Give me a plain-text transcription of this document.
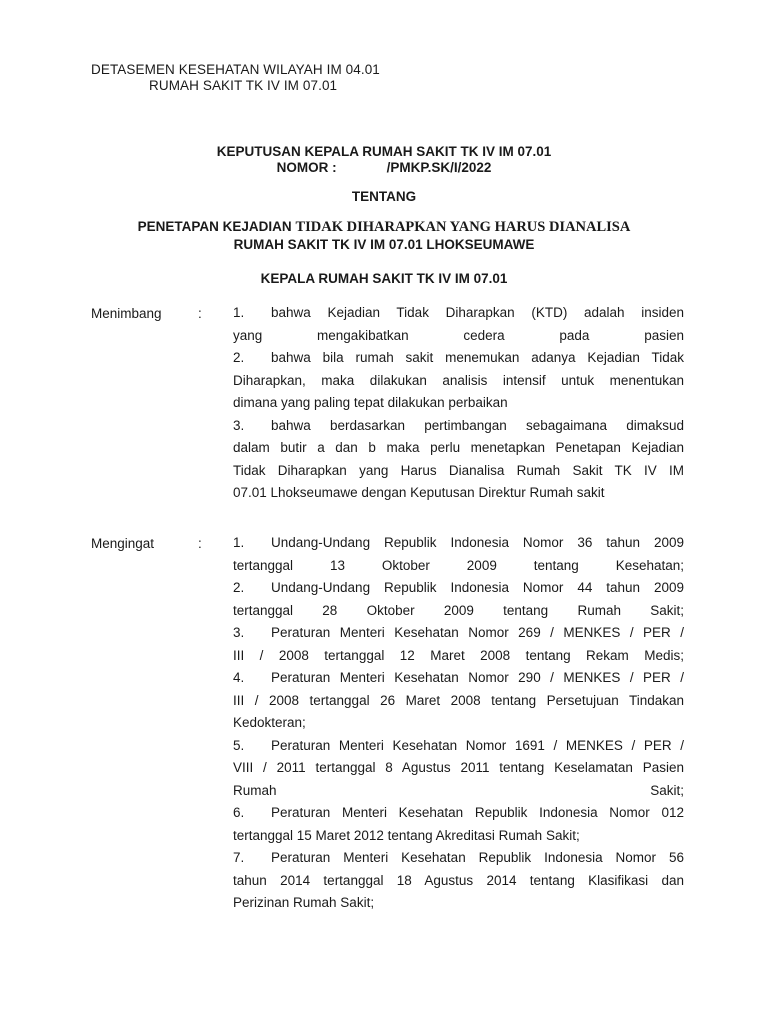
DETASEMEN KESEHATAN WILAYAH IM 04.01
RUMAH SAKIT TK IV IM 07.01
KEPUTUSAN KEPALA RUMAH SAKIT TK IV IM 07.01
NOMOR :	/PMKP.SK/I/2022
TENTANG
PENETAPAN KEJADIAN TIDAK DIHARAPKAN YANG HARUS DIANALISA
RUMAH SAKIT TK IV IM 07.01 LHOKSEUMAWE
KEPALA RUMAH SAKIT TK IV IM 07.01
Menimbang	: 1. bahwa Kejadian Tidak Diharapkan (KTD) adalah insiden

yang mengakibatkan cedera pada pasien

2. bahwa bila rumah sakit menemukan adanya Kejadian Tidak

Diharapkan, maka dilakukan analisis intensif untuk menentukan

dimana yang paling tepat dilakukan perbaikan

3. bahwa berdasarkan pertimbangan sebagaimana dimaksud

dalam butir a dan b maka perlu menetapkan Penetapan Kejadian

Tidak Diharapkan yang Harus Dianalisa Rumah Sakit TK IV IM

07.01 Lhokseumawe dengan Keputusan Direktur Rumah sakit

Mengingat	: 1. Undang-Undang Republik Indonesia Nomor 36 tahun 2009

tertanggal 13 Oktober 2009 tentang Kesehatan;

2. Undang-Undang Republik Indonesia Nomor 44 tahun 2009

tertanggal 28 Oktober 2009 tentang Rumah Sakit;

3. Peraturan Menteri Kesehatan Nomor 269 / MENKES / PER /

III / 2008 tertanggal 12 Maret 2008 tentang Rekam Medis;

4. Peraturan Menteri Kesehatan Nomor 290 / MENKES / PER /

III / 2008 tertanggal 26 Maret 2008 tentang Persetujuan Tindakan

Kedokteran;

5. Peraturan Menteri Kesehatan Nomor 1691 / MENKES / PER /

VIII / 2011 tertanggal 8 Agustus 2011 tentang Keselamatan Pasien

Rumah Sakit;

6. Peraturan Menteri Kesehatan Republik Indonesia Nomor 012

tertanggal 15 Maret 2012 tentang Akreditasi Rumah Sakit;

7. Peraturan Menteri Kesehatan Republik Indonesia Nomor 56

tahun 2014 tertanggal 18 Agustus 2014 tentang Klasifikasi dan

Perizinan Rumah Sakit;
